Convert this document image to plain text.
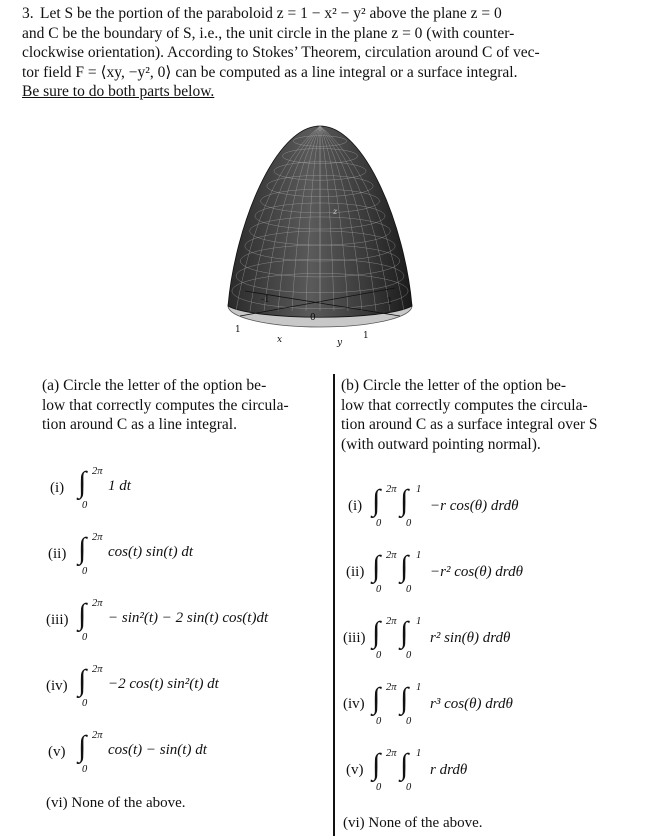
3. Let S be the portion of the paraboloid z = 1 − x² − y² above the plane z = 0
and C be the boundary of S, i.e., the unit circle in the plane z = 0 (with counter-
clockwise orientation). According to Stokes’ Theorem, circulation around C of vec-
tor field F = ⟨xy, −y², 0⟩ can be computed as a line integral or a surface integral.
Be sure to do both parts below.
z
-1	1
0
1
1
x	y
(a) Circle the letter of the option be-
low that correctly computes the circula-
tion around C as a line integral.
(b) Circle the letter of the option be-
low that correctly computes the circula-
tion around C as a surface integral over S
(with outward pointing normal).
(i) ∫ 2π
0
1 dt
(ii) ∫ 2π
0
cos(t) sin(t) dt
(iii) ∫ 2π
0
− sin²(t) − 2 sin(t) cos(t)dt
(iv) ∫ 2π
0
−2 cos(t) sin²(t) dt
(v) ∫ 2π
0
cos(t) − sin(t) dt
(vi) None of the above.
(i) ∫ 2π
0
∫ 1
0
−r cos(θ) drdθ
(ii) ∫ 2π
0
∫ 1
0
−r² cos(θ) drdθ
(iii) ∫ 2π
0
∫ 1
0
r² sin(θ) drdθ
(iv) ∫ 2π
0
∫ 1
0
r³ cos(θ) drdθ
(v) ∫ 2π
0
∫ 1
0
r drdθ
(vi) None of the above.
